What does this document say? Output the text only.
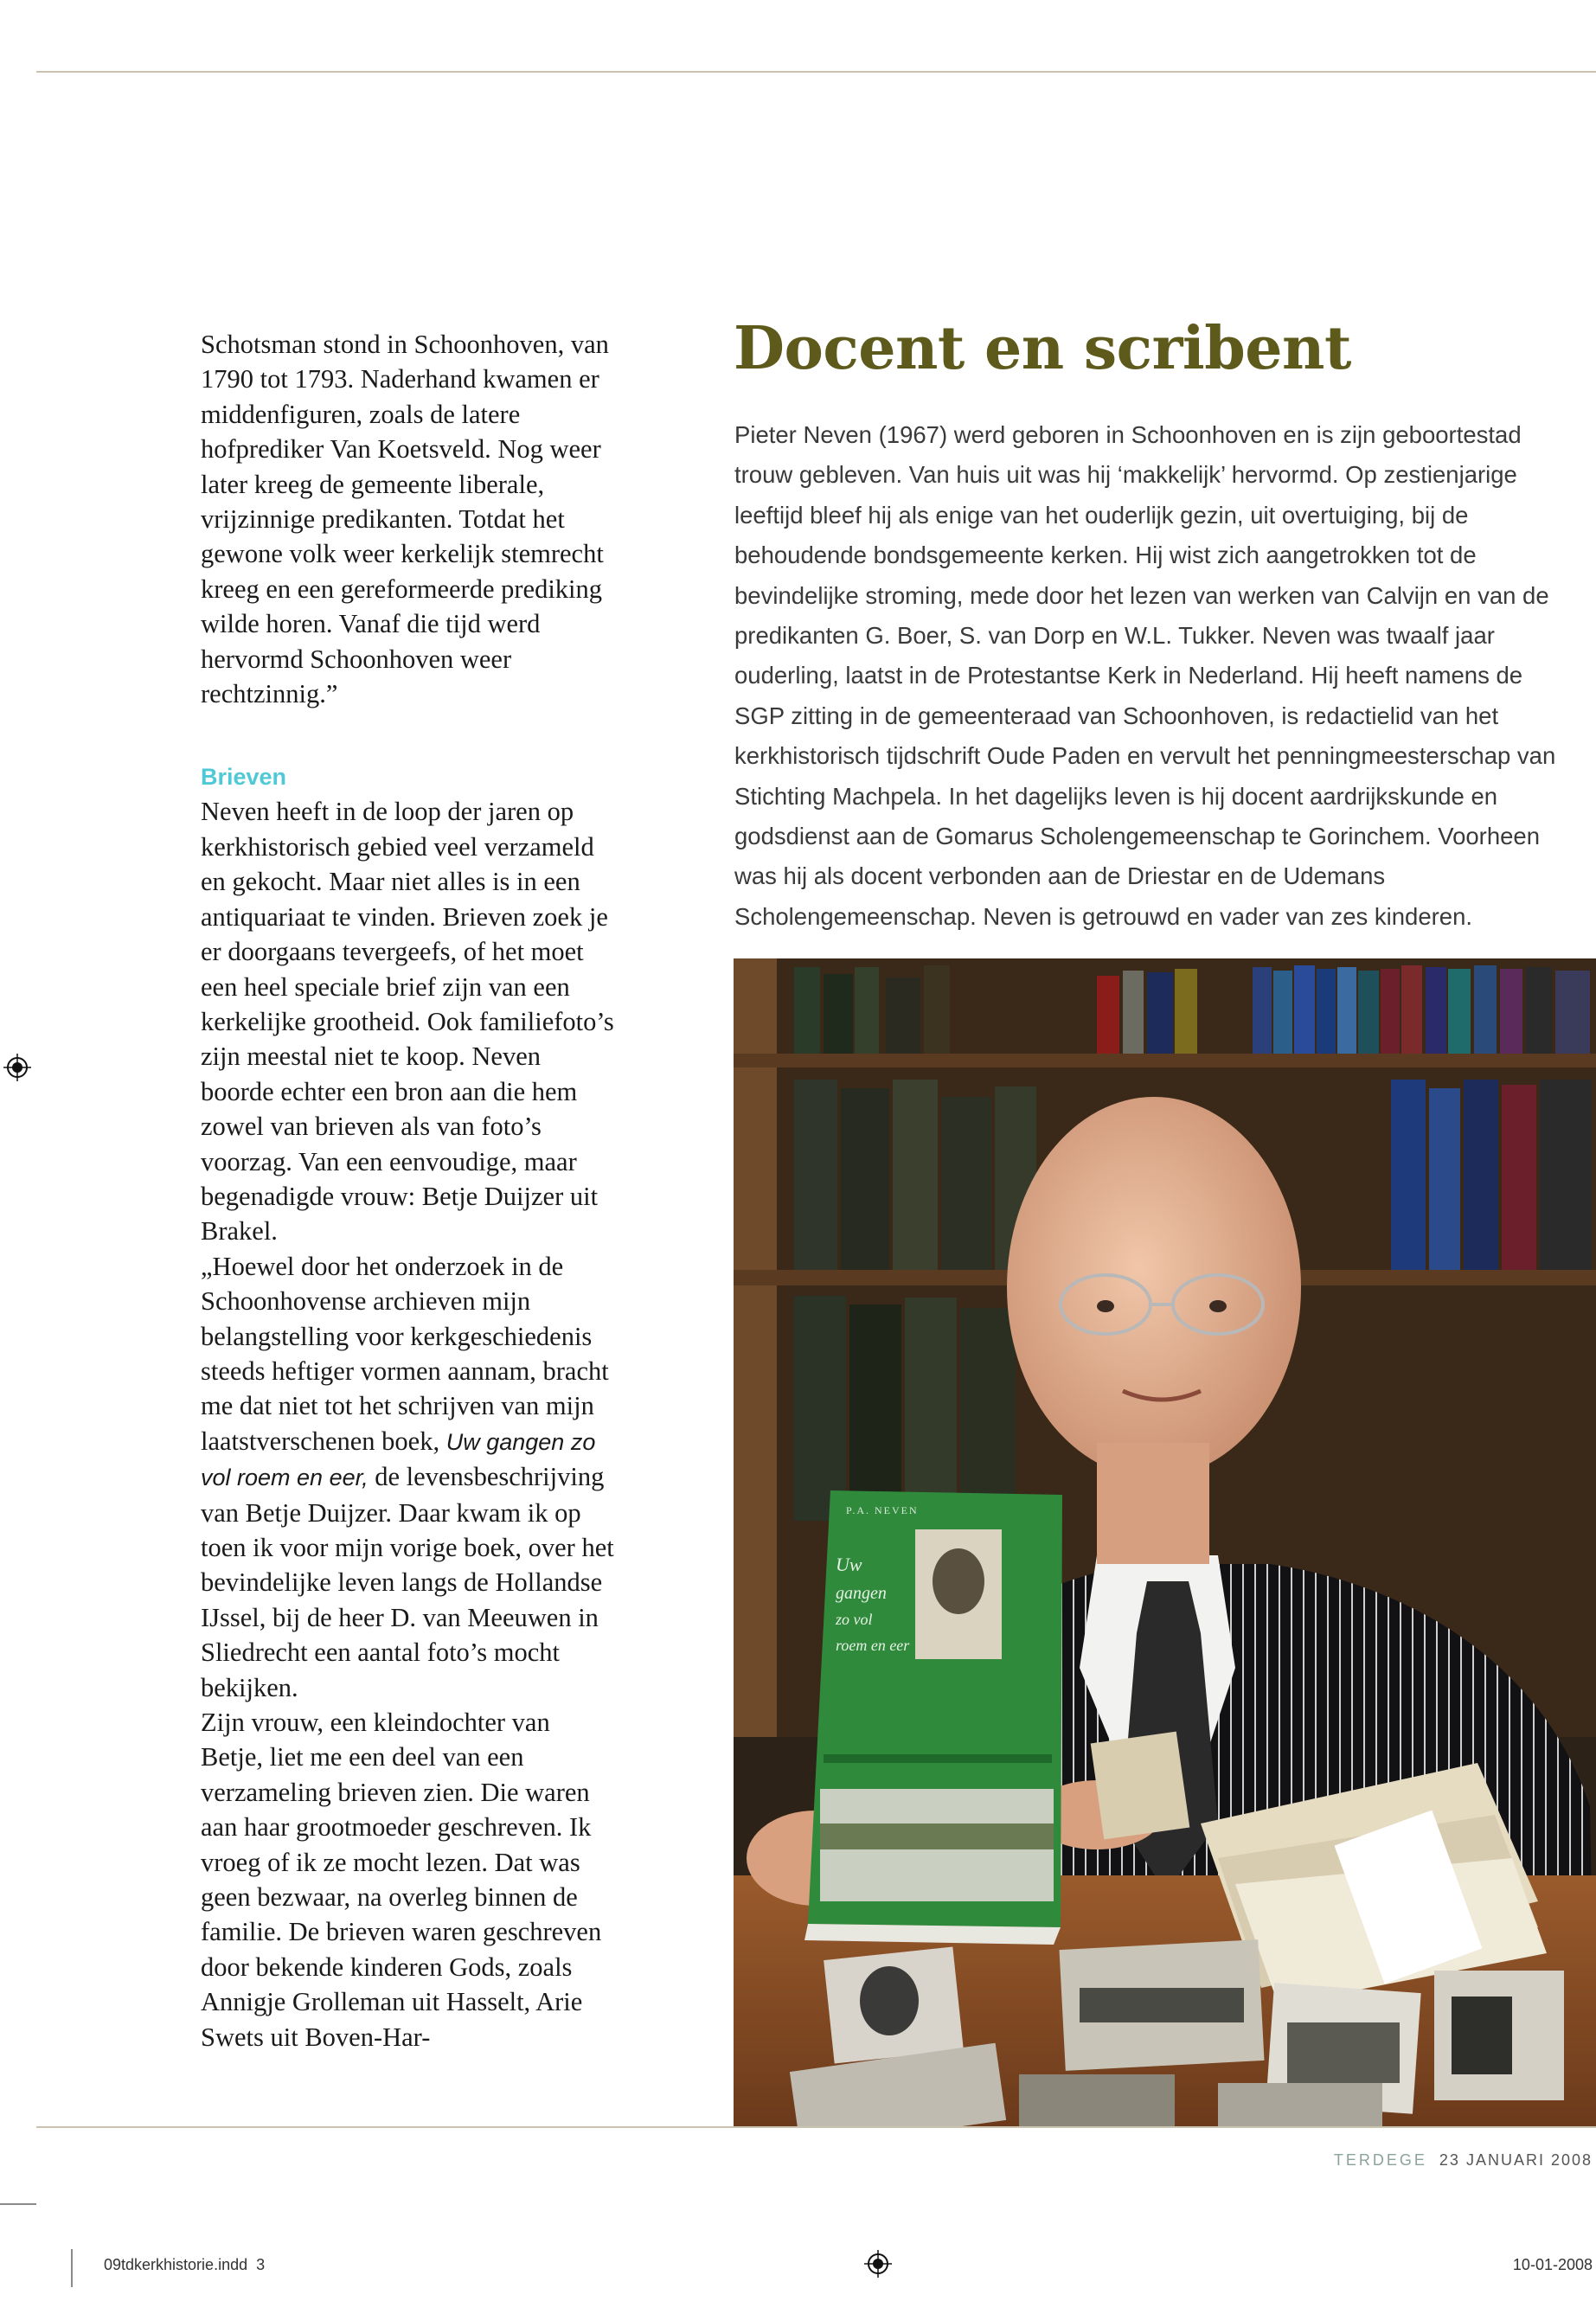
Schotsman stond in Schoonhoven, van 1790 tot 1793. Naderhand kwamen er middenfiguren, zoals de latere hofprediker Van Koetsveld. Nog weer later kreeg de gemeente liberale, vrijzinnige predikanten. Totdat het gewone volk weer kerkelijk stemrecht kreeg en een gereformeerde prediking wilde horen. Vanaf die tijd werd hervormd Schoonhoven weer rechtzinnig.”

Brieven

Neven heeft in de loop der jaren op kerkhistorisch gebied veel verzameld en gekocht. Maar niet alles is in een antiquariaat te vinden. Brieven zoek je er doorgaans tevergeefs, of het moet een heel speciale brief zijn van een kerkelijke grootheid. Ook familiefoto’s zijn meestal niet te koop. Neven boorde echter een bron aan die hem zowel van brieven als van foto’s voorzag. Van een eenvoudige, maar begenadigde vrouw: Betje Duijzer uit Brakel.

„Hoewel door het onderzoek in de Schoonhovense archieven mijn belangstelling voor kerkgeschiedenis steeds heftiger vormen aannam, bracht me dat niet tot het schrijven van mijn laatstverschenen boek, Uw gangen zo vol roem en eer, de levensbeschrijving van Betje Duijzer. Daar kwam ik op toen ik voor mijn vorige boek, over het bevindelijke leven langs de Hollandse IJssel, bij de heer D. van Meeuwen in Sliedrecht een aantal foto’s mocht bekijken.

Zijn vrouw, een kleindochter van Betje, liet me een deel van een verzameling brieven zien. Die waren aan haar grootmoeder geschreven. Ik vroeg of ik ze mocht lezen. Dat was geen bezwaar, na overleg binnen de familie. De brieven waren geschreven door bekende kinderen Gods, zoals Annigje Grolleman uit Hasselt, Arie Swets uit Boven-Har-

Docent en scribent

Pieter Neven (1967) werd geboren in Schoonhoven en is zijn geboortestad trouw gebleven. Van huis uit was hij ‘makkelijk’ hervormd. Op zestienjarige leeftijd bleef hij als enige van het ouderlijk gezin, uit overtuiging, bij de behoudende bondsgemeente kerken. Hij wist zich aangetrokken tot de bevindelijke stroming, mede door het lezen van werken van Calvijn en van de predikanten G. Boer, S. van Dorp en W.L. Tukker. Neven was twaalf jaar ouderling, laatst in de Protestantse Kerk in Nederland. Hij heeft namens de SGP zitting in de gemeenteraad van Schoonhoven, is redactielid van het kerkhistorisch tijdschrift Oude Paden en vervult het penningmeesterschap van Stichting Machpela. In het dagelijks leven is hij docent aardrijkskunde en godsdienst aan de Gomarus Scholengemeenschap te Gorinchem. Voorheen was hij als docent verbonden aan de Driestar en de Udemans Scholengemeenschap. Neven is getrouwd en vader van zes kinderen.

P.A. NEVEN
Uw
gangen
zo vol
roem en eer
TERDEGE 23 JANUARI 2008
09tdkerkhistorie.indd 3	10-01-2008
